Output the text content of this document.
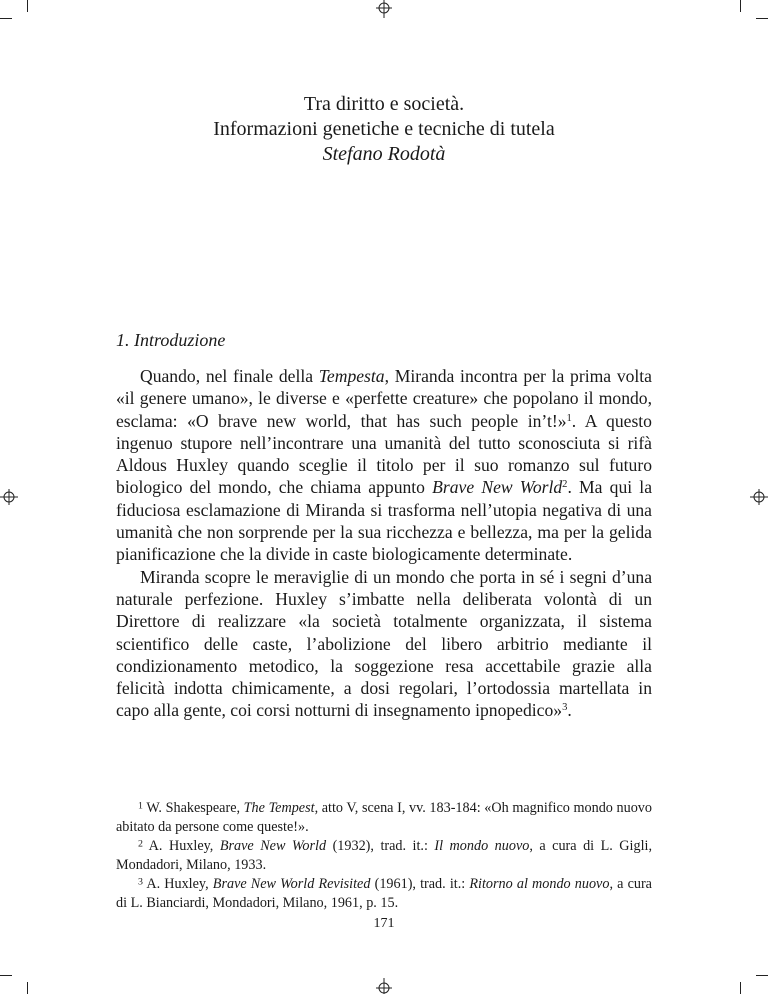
Tra diritto e società.
Informazioni genetiche e tecniche di tutela
Stefano Rodotà
1. Introduzione

Quando, nel finale della Tempesta, Miranda incontra per la prima volta «il genere umano», le diverse e «perfette creature» che popolano il mondo, esclama: «O brave new world, that has such people in’t!»$^1$. A questo ingenuo stupore nell’incontrare una umanità del tutto sconosciuta si rifà Aldous Huxley quando sceglie il titolo per il suo romanzo sul futuro biologico del mondo, che chiama appunto Brave New World$^2$. Ma qui la fiduciosa esclamazione di Miranda si trasforma nell’utopia negativa di una umanità che non sorprende per la sua ricchezza e bellezza, ma per la gelida pianificazione che la divide in caste biologicamente determinate.

Miranda scopre le meraviglie di un mondo che porta in sé i segni d’una naturale perfezione. Huxley s’imbatte nella deliberata volontà di un Direttore di realizzare «la società totalmente organizzata, il sistema scientifico delle caste, l’abolizione del libero arbitrio mediante il condizionamento metodico, la soggezione resa accettabile grazie alla felicità indotta chimicamente, a dosi regolari, l’ortodossia martellata in capo alla gente, coi corsi notturni di insegnamento ipnopedico»$^3$.

$^1$ W. Shakespeare, The Tempest, atto V, scena I, vv. 183-184: «Oh magnifico mondo nuovo abitato da persone come queste!».

$^2$ A. Huxley, Brave New World (1932), trad. it.: Il mondo nuovo, a cura di L. Gigli, Mondadori, Milano, 1933.

$^3$ A. Huxley, Brave New World Revisited (1961), trad. it.: Ritorno al mondo nuovo, a cura di L. Bianciardi, Mondadori, Milano, 1961, p. 15.

171
